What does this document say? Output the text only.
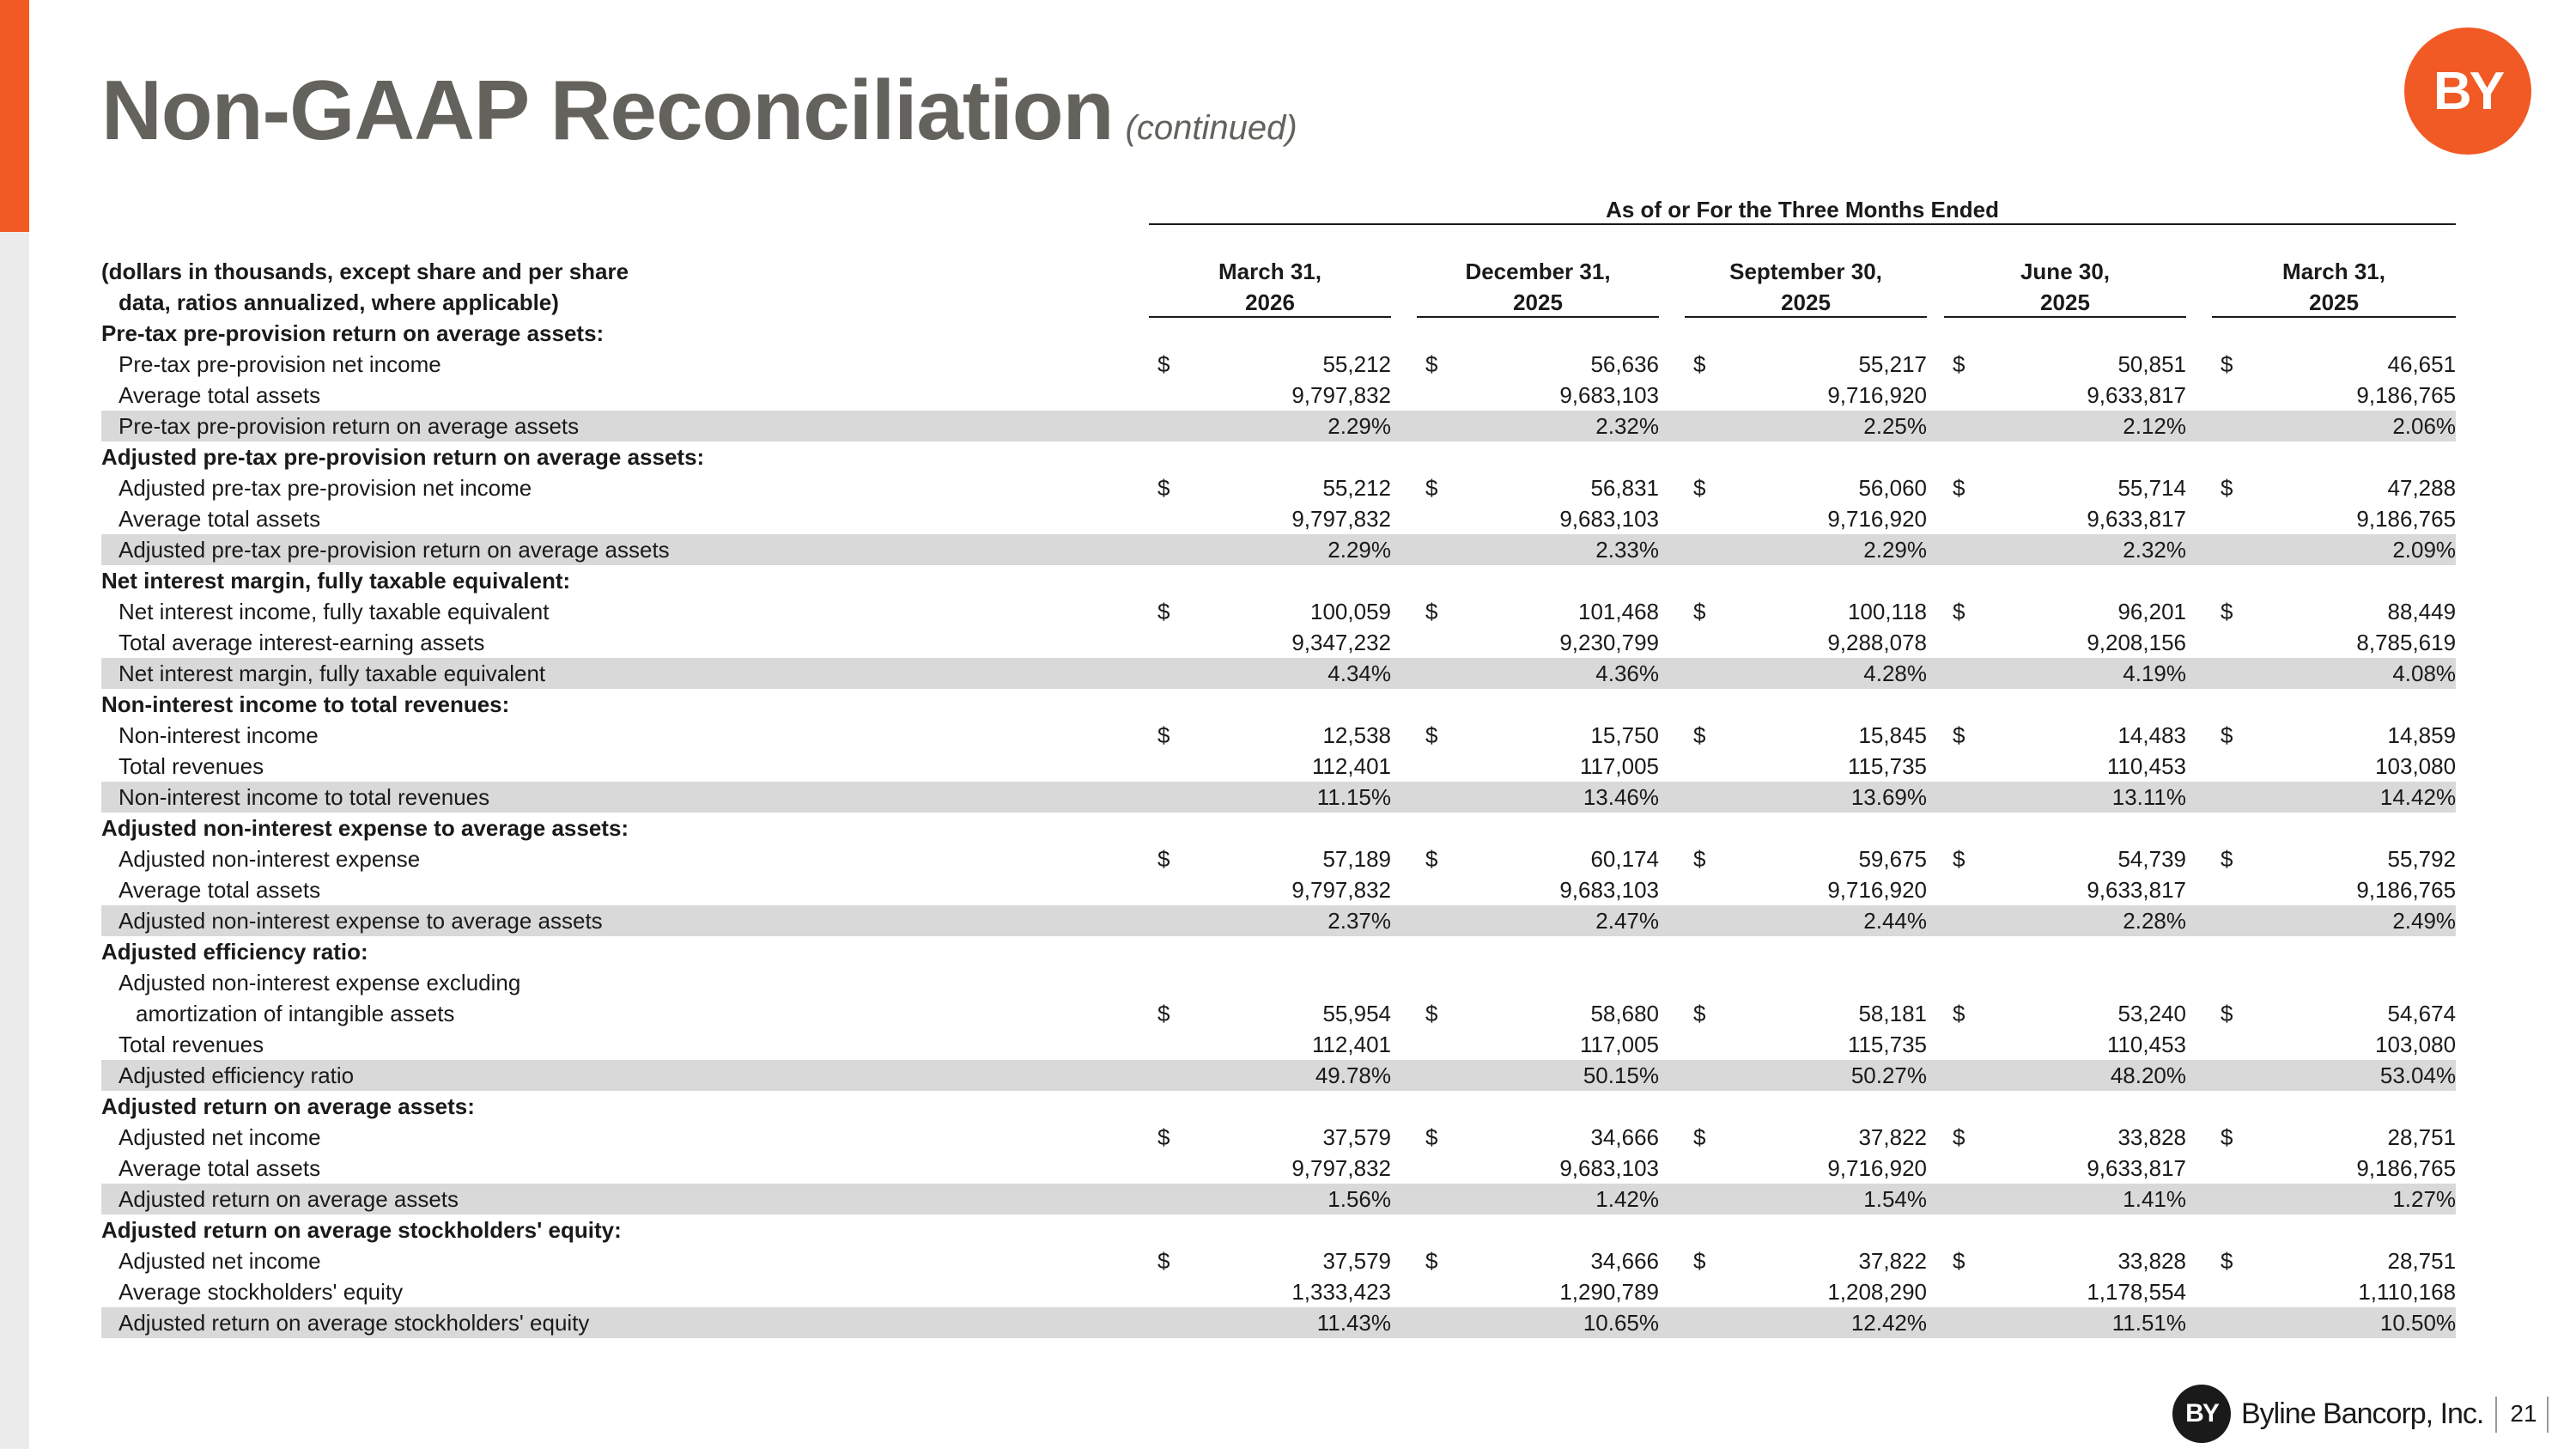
Non-GAAP Reconciliation (continued)
BY
		As of or For the Three Months Ended													

(dollars in thousands, except share and per share		March 31,			December 31,			September 30,			June 30,			March 31,	
data, ratios annualized, where applicable)		2026			2025			2025			2025			2025	
Pre-tax pre-provision return on average assets:															
Pre-tax pre-provision net income		$	55,212		$	56,636		$	55,217		$	50,851		$	46,651
Average total assets			9,797,832			9,683,103			9,716,920			9,633,817			9,186,765
Pre-tax pre-provision return on average assets			2.29%			2.32%			2.25%			2.12%			2.06%
Adjusted pre-tax pre-provision return on average assets:															
Adjusted pre-tax pre-provision net income		$	55,212		$	56,831		$	56,060		$	55,714		$	47,288
Average total assets			9,797,832			9,683,103			9,716,920			9,633,817			9,186,765
Adjusted pre-tax pre-provision return on average assets			2.29%			2.33%			2.29%			2.32%			2.09%
Net interest margin, fully taxable equivalent:															
Net interest income, fully taxable equivalent		$	100,059		$	101,468		$	100,118		$	96,201		$	88,449
Total average interest-earning assets			9,347,232			9,230,799			9,288,078			9,208,156			8,785,619
Net interest margin, fully taxable equivalent			4.34%			4.36%			4.28%			4.19%			4.08%
Non-interest income to total revenues:															
Non-interest income		$	12,538		$	15,750		$	15,845		$	14,483		$	14,859
Total revenues			112,401			117,005			115,735			110,453			103,080
Non-interest income to total revenues			11.15%			13.46%			13.69%			13.11%			14.42%
Adjusted non-interest expense to average assets:															
Adjusted non-interest expense		$	57,189		$	60,174		$	59,675		$	54,739		$	55,792
Average total assets			9,797,832			9,683,103			9,716,920			9,633,817			9,186,765
Adjusted non-interest expense to average assets			2.37%			2.47%			2.44%			2.28%			2.49%
Adjusted efficiency ratio:															
Adjusted non-interest expense excluding															
amortization of intangible assets		$	55,954		$	58,680		$	58,181		$	53,240		$	54,674
Total revenues			112,401			117,005			115,735			110,453			103,080
Adjusted efficiency ratio			49.78%			50.15%			50.27%			48.20%			53.04%
Adjusted return on average assets:															
Adjusted net income		$	37,579		$	34,666		$	37,822		$	33,828		$	28,751
Average total assets			9,797,832			9,683,103			9,716,920			9,633,817			9,186,765
Adjusted return on average assets			1.56%			1.42%			1.54%			1.41%			1.27%
Adjusted return on average stockholders' equity:															
Adjusted net income		$	37,579		$	34,666		$	37,822		$	33,828		$	28,751
Average stockholders' equity			1,333,423			1,290,789			1,208,290			1,178,554			1,110,168
Adjusted return on average stockholders' equity			11.43%			10.65%			12.42%			11.51%			10.50%
BY Byline Bancorp, Inc.	21
